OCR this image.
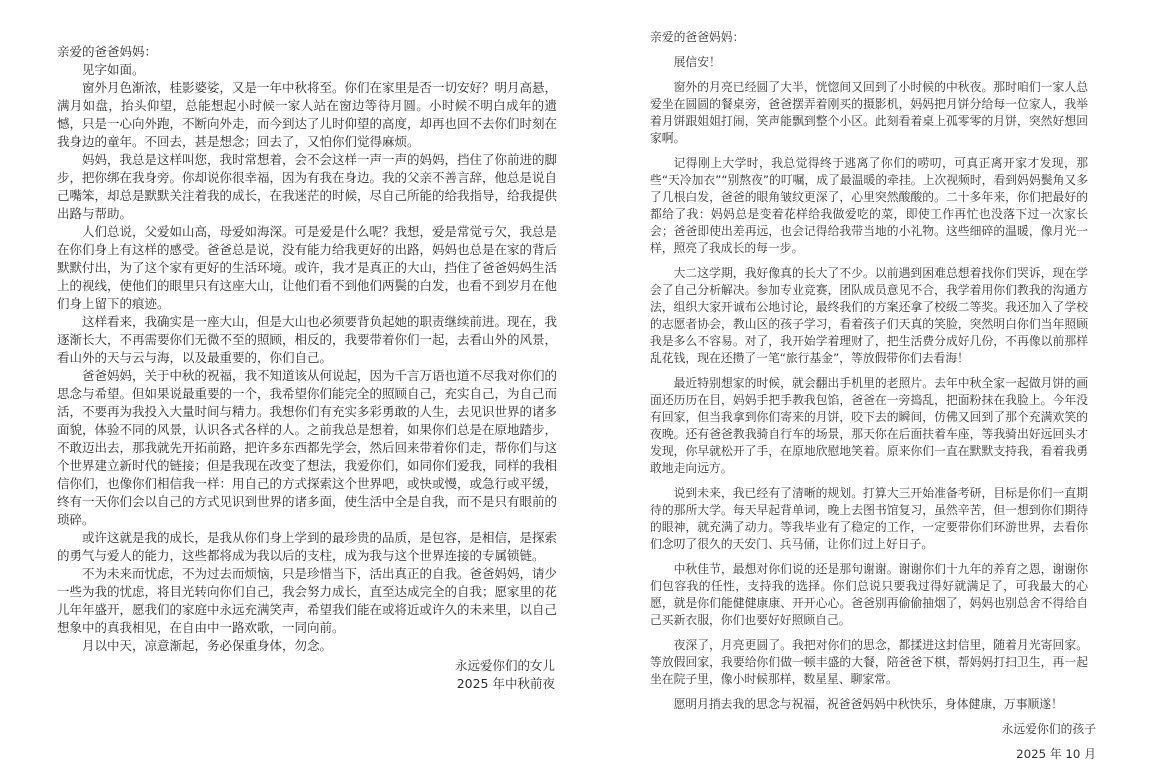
亲爱的爸爸妈妈：

见字如面。

窗外月色渐浓，桂影婆娑，又是一年中秋将至。你们在家里是否一切安好？明月高悬，满月如盘，抬头仰望，总能想起小时候一家人站在窗边等待月圆。小时候不明白成年的遗憾，只是一心向外跑，不断向外走，而今到达了儿时仰望的高度，却再也回不去你们时刻在我身边的童年。不回去，甚是想念；回去了，又怕你们觉得麻烦。

妈妈，我总是这样叫您，我时常想着，会不会这样一声一声的妈妈，挡住了你前进的脚步，把你绑在我身旁。你却说你很幸福，因为有我在身边。我的父亲不善言辞，他总是说自己嘴笨，却总是默默关注着我的成长，在我迷茫的时候，尽自己所能的给我指导，给我提供出路与帮助。

人们总说，父爱如山高，母爱如海深。可是爱是什么呢？我想，爱是常觉亏欠，我总是在你们身上有这样的感受。爸爸总是说，没有能力给我更好的出路，妈妈也总是在家的背后默默付出，为了这个家有更好的生活环境。或许，我才是真正的大山，挡住了爸爸妈妈生活上的视线，使他们的眼里只有这座大山，让他们看不到他们两鬓的白发，也看不到岁月在他们身上留下的痕迹。

这样看来，我确实是一座大山，但是大山也必须要背负起她的职责继续前进。现在，我逐渐长大，不再需要你们无微不至的照顾，相反的，我要带着你们一起，去看山外的风景，看山外的天与云与海，以及最重要的，你们自己。

爸爸妈妈，关于中秋的祝福，我不知道该从何说起，因为千言万语也道不尽我对你们的思念与希望。但如果说最重要的一个，我希望你们能完全的照顾自己，充实自己，为自己而活，不要再为我投入大量时间与精力。我想你们有充实多彩勇敢的人生，去见识世界的诸多面貌，体验不同的风景，认识各式各样的人。之前我总是想着，如果你们总是在原地踏步，不敢迈出去，那我就先开拓前路，把许多东西都先学会，然后回来带着你们走，帮你们与这个世界建立新时代的链接；但是我现在改变了想法，我爱你们，如同你们爱我，同样的我相信你们，也像你们相信我一样：用自己的方式探索这个世界吧，或快或慢，或急行或平缓，终有一天你们会以自己的方式见识到世界的诸多面，使生活中全是自我，而不是只有眼前的琐碎。

或许这就是我的成长，是我从你们身上学到的最珍贵的品质，是包容，是相信，是探索的勇气与爱人的能力，这些都将成为我以后的支柱，成为我与这个世界连接的专属锁链。

不为未来而忧虑，不为过去而烦恼，只是珍惜当下，活出真正的自我。爸爸妈妈，请少一些为我的忧虑，将目光转向你们自己，我会努力成长，直至达成完全的自我；愿家里的花儿年年盛开，愿我们的家庭中永远充满笑声，希望我们能在或将近或许久的未来里，以自己想象中的真我相见，在自由中一路欢歌，一同向前。

月以中天，凉意渐起，务必保重身体，勿念。

永远爱你们的女儿

2025 年中秋前夜

亲爱的爸爸妈妈：

展信安！

窗外的月亮已经圆了大半，恍惚间又回到了小时候的中秋夜。那时咱们一家人总爱坐在圆圆的餐桌旁，爸爸摆弄着刚买的摄影机，妈妈把月饼分给每一位家人，我举着月饼跟姐姐打闹，笑声能飘到整个小区。此刻看着桌上孤零零的月饼，突然好想回家啊。

记得刚上大学时，我总觉得终于逃离了你们的唠叨，可真正离开家才发现，那些“天冷加衣”“别熬夜”的叮嘱，成了最温暖的牵挂。上次视频时，看到妈妈鬓角又多了几根白发，爸爸的眼角皱纹更深了，心里突然酸酸的。二十多年来，你们把最好的都给了我：妈妈总是变着花样给我做爱吃的菜，即使工作再忙也没落下过一次家长会；爸爸即使出差再远，也会记得给我带当地的小礼物。这些细碎的温暖，像月光一样，照亮了我成长的每一步。

大二这学期，我好像真的长大了不少。以前遇到困难总想着找你们哭诉，现在学会了自己分析解决。参加专业竞赛，团队成员意见不合，我学着用你们教我的沟通方法，组织大家开诚布公地讨论，最终我们的方案还拿了校级二等奖。我还加入了学校的志愿者协会，教山区的孩子学习，看着孩子们天真的笑脸，突然明白你们当年照顾我是多么不容易。对了，我开始学着理财了，把生活费分成好几份，不再像以前那样乱花钱，现在还攒了一笔“旅行基金”，等放假带你们去看海！

最近特别想家的时候，就会翻出手机里的老照片。去年中秋全家一起做月饼的画面还历历在目，妈妈手把手教我包馅，爸爸在一旁捣乱，把面粉抹在我脸上。今年没有回家，但当我拿到你们寄来的月饼，咬下去的瞬间，仿佛又回到了那个充满欢笑的夜晚。还有爸爸教我骑自行车的场景，那天你在后面扶着车座，等我骑出好远回头才发现，你早就松开了手，在原地欣慰地笑着。原来你们一直在默默支持我，看着我勇敢地走向远方。

说到未来，我已经有了清晰的规划。打算大三开始准备考研，目标是你们一直期待的那所大学。每天早起背单词，晚上去图书馆复习，虽然辛苦，但一想到你们期待的眼神，就充满了动力。等我毕业有了稳定的工作，一定要带你们环游世界，去看你们念叨了很久的天安门、兵马俑，让你们过上好日子。

中秋佳节，最想对你们说的还是那句谢谢。谢谢你们十九年的养育之恩，谢谢你们包容我的任性，支持我的选择。你们总说只要我过得好就满足了，可我最大的心愿，就是你们能健健康康、开开心心。爸爸别再偷偷抽烟了，妈妈也别总舍不得给自己买新衣服，你们也要好好照顾自己。

夜深了，月亮更圆了。我把对你们的思念，都揉进这封信里，随着月光寄回家。等放假回家，我要给你们做一顿丰盛的大餐，陪爸爸下棋，帮妈妈打扫卫生，再一起坐在院子里，像小时候那样，数星星、聊家常。

愿明月捎去我的思念与祝福，祝爸爸妈妈中秋快乐，身体健康，万事顺遂！

永远爱你们的孩子

2025 年 10 月
